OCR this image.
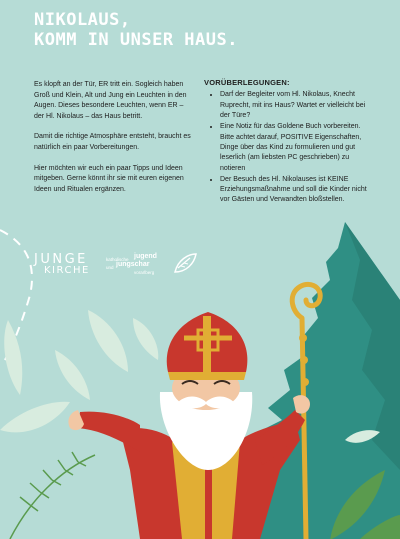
NIKOLAUS,
KOMM IN UNSER HAUS.

Es klopft an der Tür, ER tritt ein. Sogleich haben Groß und Klein, Alt und Jung ein Leuchten in den Augen. Dieses besondere Leuchten, wenn ER – der Hl. Nikolaus – das Haus betritt.

Damit die richtige Atmosphäre entsteht, braucht es natürlich ein paar Vorbereitungen.

Hier möchten wir euch ein paar Tipps und Ideen mitgeben. Gerne könnt ihr sie mit euren eigenen Ideen und Ritualen ergänzen.

VORÜBERLEGUNGEN:
• Darf der Begleiter vom Hl. Nikolaus, Knecht Ruprecht, mit ins Haus? Wartet er vielleicht bei der Türe?
• Eine Notiz für das Goldene Buch vorbereiten. Bitte achtet darauf, POSITIVE Eigenschaften, Dinge über das Kind zu formulieren und gut leserlich (am liebsten PC geschrieben) zu notieren
• Der Besuch des Hl. Nikolauses ist KEINE Erziehungsmaßnahme und soll die Kinder nicht vor Gästen und Verwandten bloßstellen.
JUNGE
KIRCHE
katholische jugend
und jungschar
vorarlberg
